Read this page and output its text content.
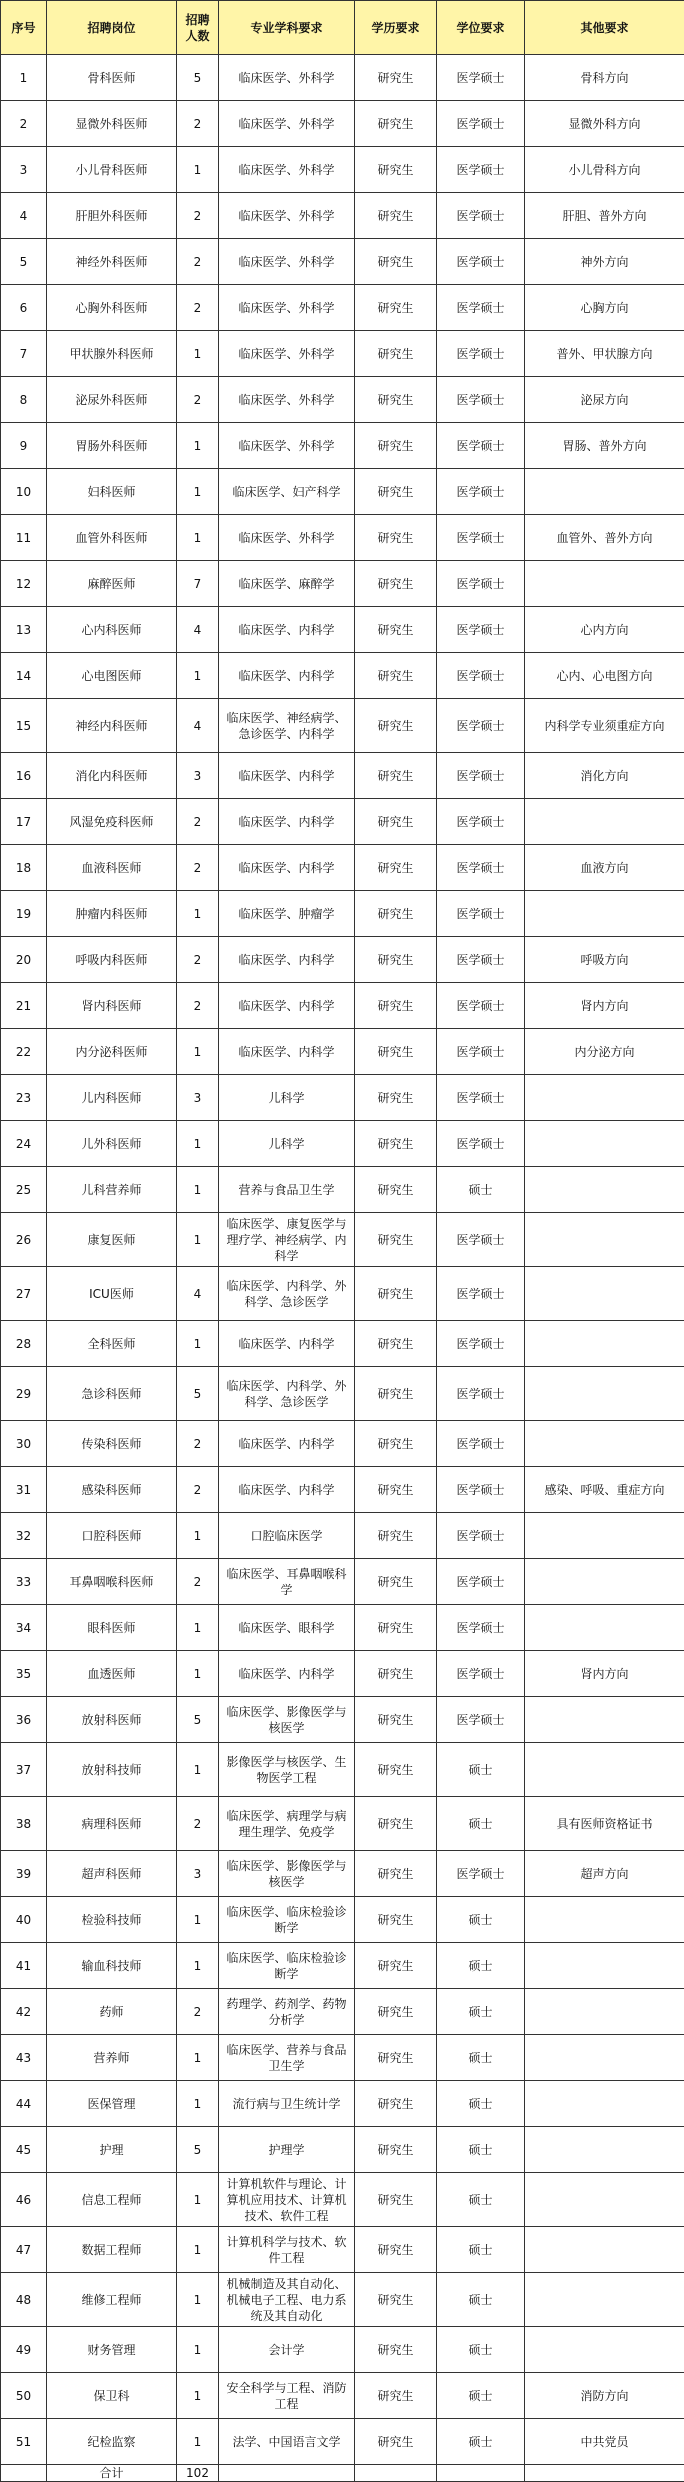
序号	招聘岗位	招聘人数	专业学科要求	学历要求	学位要求	其他要求
1	骨科医师	5	临床医学、外科学	研究生	医学硕士	骨科方向
2	显微外科医师	2	临床医学、外科学	研究生	医学硕士	显微外科方向
3	小儿骨科医师	1	临床医学、外科学	研究生	医学硕士	小儿骨科方向
4	肝胆外科医师	2	临床医学、外科学	研究生	医学硕士	肝胆、普外方向
5	神经外科医师	2	临床医学、外科学	研究生	医学硕士	神外方向
6	心胸外科医师	2	临床医学、外科学	研究生	医学硕士	心胸方向
7	甲状腺外科医师	1	临床医学、外科学	研究生	医学硕士	普外、甲状腺方向
8	泌尿外科医师	2	临床医学、外科学	研究生	医学硕士	泌尿方向
9	胃肠外科医师	1	临床医学、外科学	研究生	医学硕士	胃肠、普外方向
10	妇科医师	1	临床医学、妇产科学	研究生	医学硕士	
11	血管外科医师	1	临床医学、外科学	研究生	医学硕士	血管外、普外方向
12	麻醉医师	7	临床医学、麻醉学	研究生	医学硕士	
13	心内科医师	4	临床医学、内科学	研究生	医学硕士	心内方向
14	心电图医师	1	临床医学、内科学	研究生	医学硕士	心内、心电图方向
15	神经内科医师	4	临床医学、神经病学、急诊医学、内科学	研究生	医学硕士	内科学专业须重症方向
16	消化内科医师	3	临床医学、内科学	研究生	医学硕士	消化方向
17	风湿免疫科医师	2	临床医学、内科学	研究生	医学硕士	
18	血液科医师	2	临床医学、内科学	研究生	医学硕士	血液方向
19	肿瘤内科医师	1	临床医学、肿瘤学	研究生	医学硕士	
20	呼吸内科医师	2	临床医学、内科学	研究生	医学硕士	呼吸方向
21	肾内科医师	2	临床医学、内科学	研究生	医学硕士	肾内方向
22	内分泌科医师	1	临床医学、内科学	研究生	医学硕士	内分泌方向
23	儿内科医师	3	儿科学	研究生	医学硕士	
24	儿外科医师	1	儿科学	研究生	医学硕士	
25	儿科营养师	1	营养与食品卫生学	研究生	硕士	
26	康复医师	1	临床医学、康复医学与理疗学、神经病学、内科学	研究生	医学硕士	
27	ICU医师	4	临床医学、内科学、外科学、急诊医学	研究生	医学硕士	
28	全科医师	1	临床医学、内科学	研究生	医学硕士	
29	急诊科医师	5	临床医学、内科学、外科学、急诊医学	研究生	医学硕士	
30	传染科医师	2	临床医学、内科学	研究生	医学硕士	
31	感染科医师	2	临床医学、内科学	研究生	医学硕士	感染、呼吸、重症方向
32	口腔科医师	1	口腔临床医学	研究生	医学硕士	
33	耳鼻咽喉科医师	2	临床医学、耳鼻咽喉科学	研究生	医学硕士	
34	眼科医师	1	临床医学、眼科学	研究生	医学硕士	
35	血透医师	1	临床医学、内科学	研究生	医学硕士	肾内方向
36	放射科医师	5	临床医学、影像医学与核医学	研究生	医学硕士	
37	放射科技师	1	影像医学与核医学、生物医学工程	研究生	硕士	
38	病理科医师	2	临床医学、病理学与病理生理学、免疫学	研究生	硕士	具有医师资格证书
39	超声科医师	3	临床医学、影像医学与核医学	研究生	医学硕士	超声方向
40	检验科技师	1	临床医学、临床检验诊断学	研究生	硕士	
41	输血科技师	1	临床医学、临床检验诊断学	研究生	硕士	
42	药师	2	药理学、药剂学、药物分析学	研究生	硕士	
43	营养师	1	临床医学、营养与食品卫生学	研究生	硕士	
44	医保管理	1	流行病与卫生统计学	研究生	硕士	
45	护理	5	护理学	研究生	硕士	
46	信息工程师	1	计算机软件与理论、计算机应用技术、计算机技术、软件工程	研究生	硕士	
47	数据工程师	1	计算机科学与技术、软件工程	研究生	硕士	
48	维修工程师	1	机械制造及其自动化、机械电子工程、电力系统及其自动化	研究生	硕士	
49	财务管理	1	会计学	研究生	硕士	
50	保卫科	1	安全科学与工程、消防工程	研究生	硕士	消防方向
51	纪检监察	1	法学、中国语言文学	研究生	硕士	中共党员
	合计	102				
